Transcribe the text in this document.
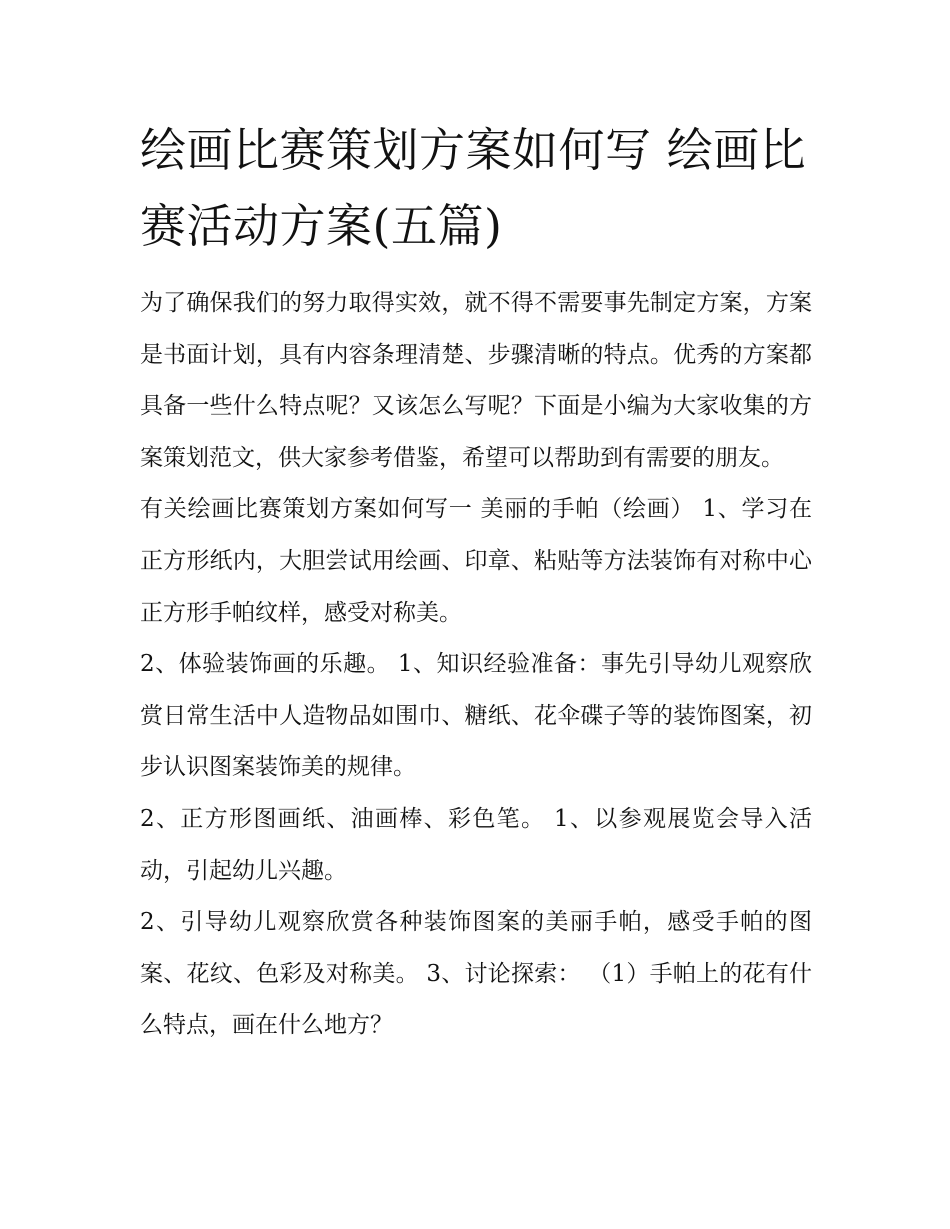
绘画比赛策划方案如何写 绘画比赛活动方案(五篇)

为了确保我们的努力取得实效，就不得不需要事先制定方案，方案是书面计划，具有内容条理清楚、步骤清晰的特点。优秀的方案都具备一些什么特点呢？又该怎么写呢？下面是小编为大家收集的方案策划范文，供大家参考借鉴，希望可以帮助到有需要的朋友。

有关绘画比赛策划方案如何写一 美丽的手帕（绘画） 1、学习在正方形纸内，大胆尝试用绘画、印章、粘贴等方法装饰有对称中心正方形手帕纹样，感受对称美。

2、体验装饰画的乐趣。 1、知识经验准备：事先引导幼儿观察欣赏日常生活中人造物品如围巾、糖纸、花伞碟子等的装饰图案，初步认识图案装饰美的规律。

2、正方形图画纸、油画棒、彩色笔。 1、以参观展览会导入活动，引起幼儿兴趣。

2、引导幼儿观察欣赏各种装饰图案的美丽手帕，感受手帕的图案、花纹、色彩及对称美。 3、讨论探索： （1）手帕上的花有什么特点，画在什么地方？
